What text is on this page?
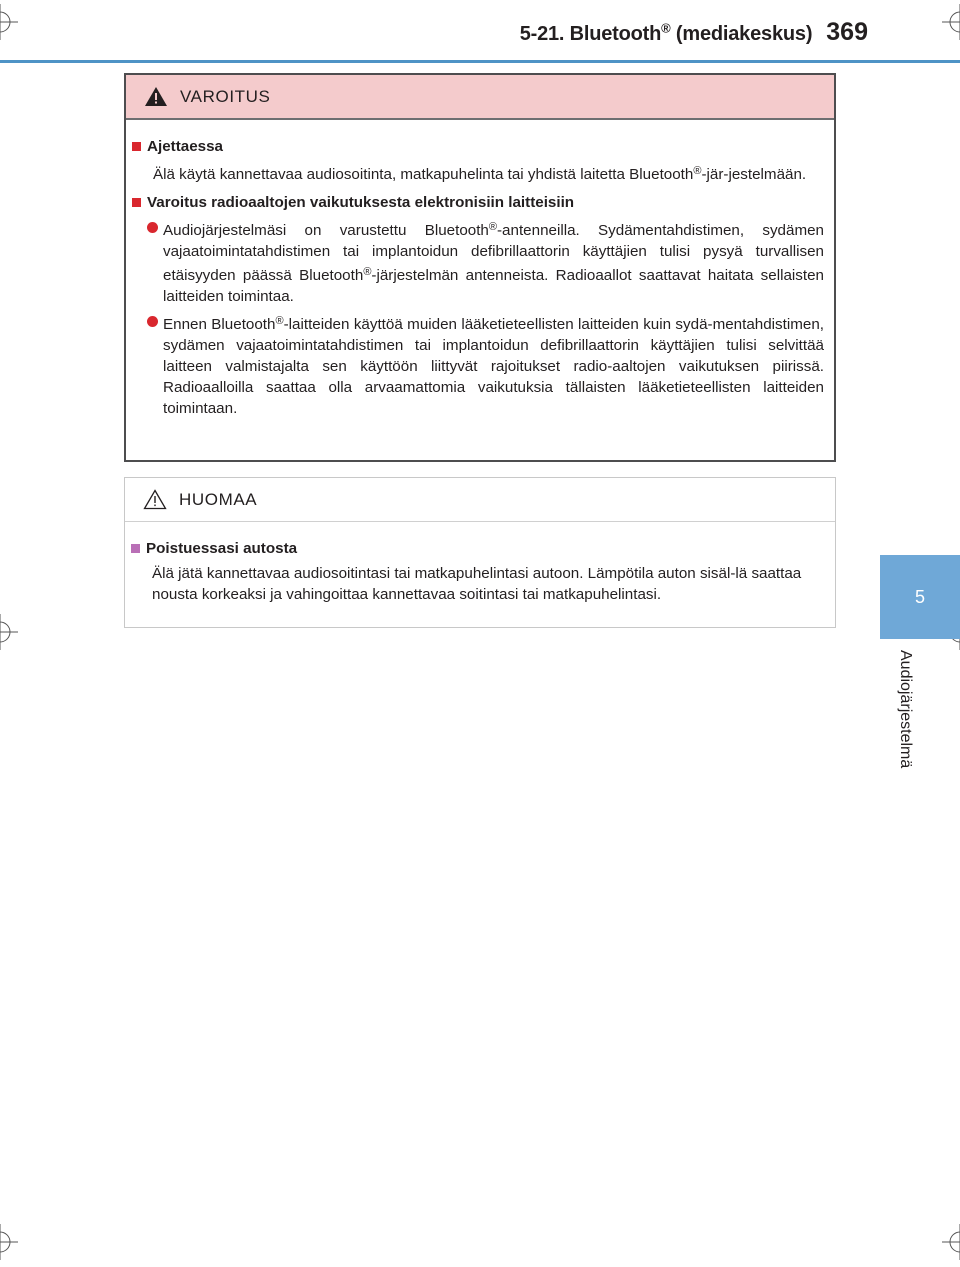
5-21. Bluetooth® (mediakeskus) 369
5
Audiojärjestelmä
VAROITUS
Ajettaessa
Älä käytä kannettavaa audiosoitinta, matkapuhelinta tai yhdistä laitetta Bluetooth®-jär-jestelmään.
Varoitus radioaaltojen vaikutuksesta elektronisiin laitteisiin
Audiojärjestelmäsi on varustettu Bluetooth®-antenneilla. Sydämentahdistimen, sydämen vajaatoimintatahdistimen tai implantoidun defibrillaattorin käyttäjien tulisi pysyä turvallisen etäisyyden päässä Bluetooth®-järjestelmän antenneista. Radioaallot saattavat haitata sellaisten laitteiden toimintaa.
Ennen Bluetooth®-laitteiden käyttöä muiden lääketieteellisten laitteiden kuin sydä-mentahdistimen, sydämen vajaatoimintatahdistimen tai implantoidun defibrillaattorin käyttäjien tulisi selvittää laitteen valmistajalta sen käyttöön liittyvät rajoitukset radio-aaltojen vaikutuksen piirissä. Radioaalloilla saattaa olla arvaamattomia vaikutuksia tällaisten lääketieteellisten laitteiden toimintaan.
HUOMAA
Poistuessasi autosta
Älä jätä kannettavaa audiosoitintasi tai matkapuhelintasi autoon. Lämpötila auton sisäl-lä saattaa nousta korkeaksi ja vahingoittaa kannettavaa soitintasi tai matkapuhelintasi.
